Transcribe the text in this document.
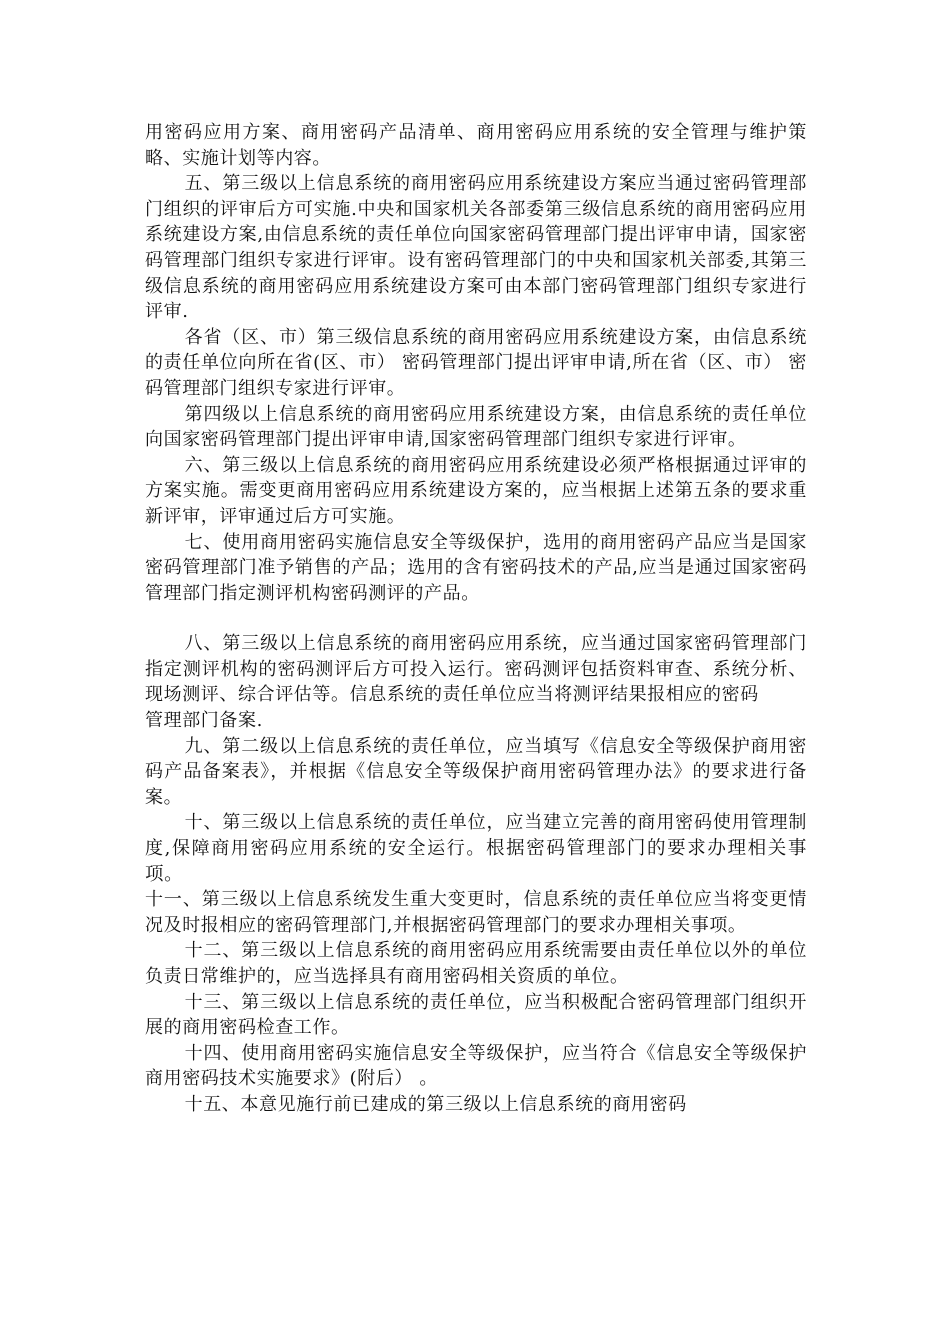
用密码应用方案、商用密码产品清单、商用密码应用系统的安全管理与维护策略、实施计划等内容。

五、第三级以上信息系统的商用密码应用系统建设方案应当通过密码管理部门组织的评审后方可实施.中央和国家机关各部委第三级信息系统的商用密码应用系统建设方案,由信息系统的责任单位向国家密码管理部门提出评审申请，国家密码管理部门组织专家进行评审。设有密码管理部门的中央和国家机关部委,其第三级信息系统的商用密码应用系统建设方案可由本部门密码管理部门组织专家进行评审.

各省（区、市）第三级信息系统的商用密码应用系统建设方案，由信息系统的责任单位向所在省(区、市） 密码管理部门提出评审申请,所在省（区、市） 密码管理部门组织专家进行评审。

第四级以上信息系统的商用密码应用系统建设方案，由信息系统的责任单位向国家密码管理部门提出评审申请,国家密码管理部门组织专家进行评审。

六、第三级以上信息系统的商用密码应用系统建设必须严格根据通过评审的方案实施。需变更商用密码应用系统建设方案的，应当根据上述第五条的要求重新评审，评审通过后方可实施。

七、使用商用密码实施信息安全等级保护，选用的商用密码产品应当是国家密码管理部门准予销售的产品；选用的含有密码技术的产品,应当是通过国家密码管理部门指定测评机构密码测评的产品。

八、第三级以上信息系统的商用密码应用系统，应当通过国家密码管理部门指定测评机构的密码测评后方可投入运行。密码测评包括资料审查、系统分析、现场测评、综合评估等。信息系统的责任单位应当将测评结果报相应的密码

管理部门备案.

九、第二级以上信息系统的责任单位，应当填写《信息安全等级保护商用密码产品备案表》，并根据《信息安全等级保护商用密码管理办法》的要求进行备案。

十、第三级以上信息系统的责任单位，应当建立完善的商用密码使用管理制度,保障商用密码应用系统的安全运行。根据密码管理部门的要求办理相关事项。

十一、第三级以上信息系统发生重大变更时，信息系统的责任单位应当将变更情况及时报相应的密码管理部门,并根据密码管理部门的要求办理相关事项。

十二、第三级以上信息系统的商用密码应用系统需要由责任单位以外的单位负责日常维护的，应当选择具有商用密码相关资质的单位。

十三、第三级以上信息系统的责任单位，应当积极配合密码管理部门组织开展的商用密码检查工作。

十四、使用商用密码实施信息安全等级保护，应当符合《信息安全等级保护商用密码技术实施要求》(附后） 。

十五、本意见施行前已建成的第三级以上信息系统的商用密码
